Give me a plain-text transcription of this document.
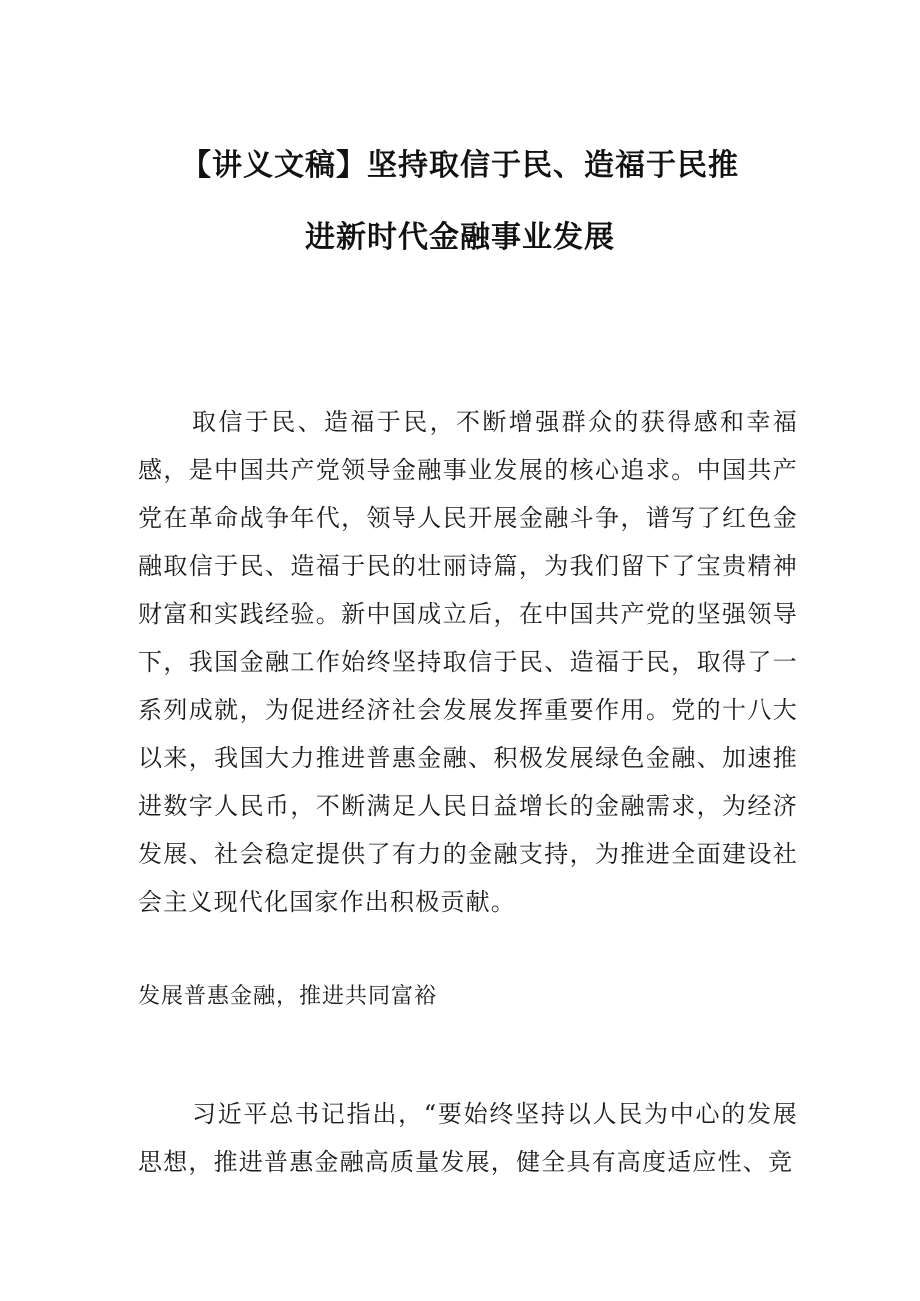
【讲义文稿】坚持取信于民、造福于民推
进新时代金融事业发展

取信于民、造福于民，不断增强群众的获得感和幸福感，是中国共产党领导金融事业发展的核心追求。中国共产党在革命战争年代，领导人民开展金融斗争，谱写了红色金融取信于民、造福于民的壮丽诗篇，为我们留下了宝贵精神财富和实践经验。新中国成立后，在中国共产党的坚强领导下，我国金融工作始终坚持取信于民、造福于民，取得了一系列成就，为促进经济社会发展发挥重要作用。党的十八大以来，我国大力推进普惠金融、积极发展绿色金融、加速推进数字人民币，不断满足人民日益增长的金融需求，为经济发展、社会稳定提供了有力的金融支持，为推进全面建设社会主义现代化国家作出积极贡献。

发展普惠金融，推进共同富裕

习近平总书记指出，“要始终坚持以人民为中心的发展思想，推进普惠金融高质量发展，健全具有高度适应性、竞
